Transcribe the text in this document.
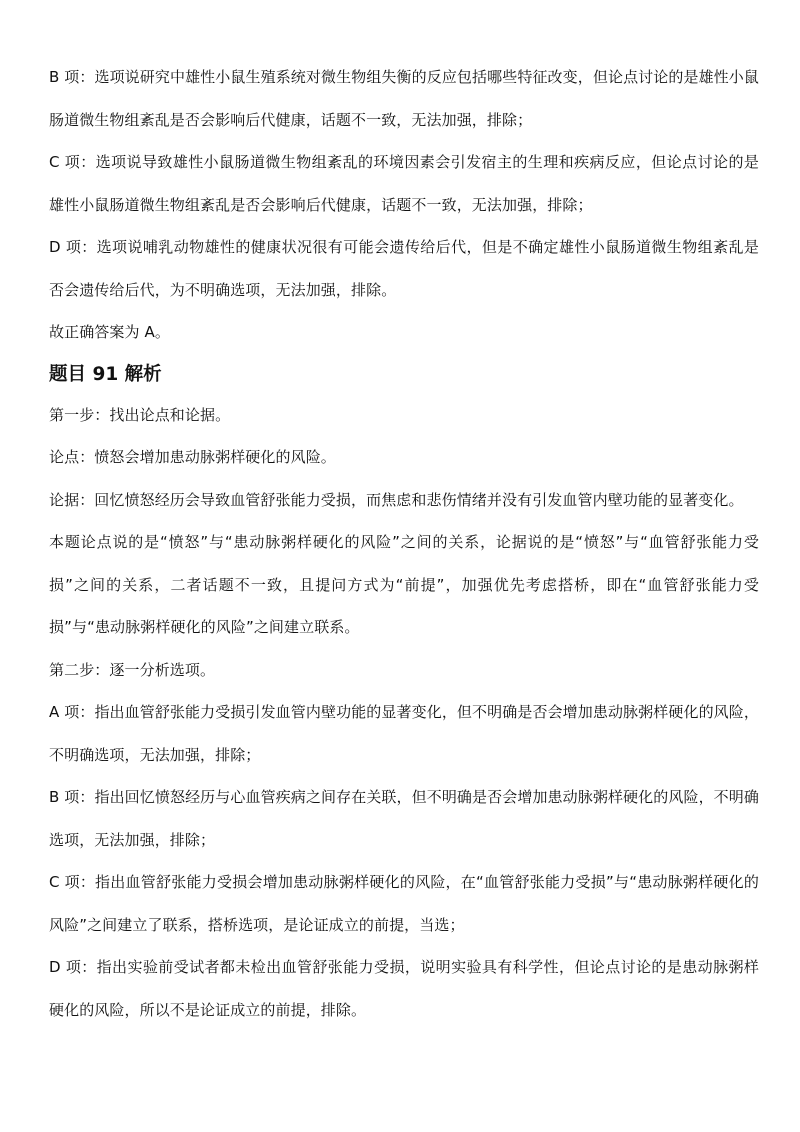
B 项：选项说研究中雄性小鼠生殖系统对微生物组失衡的反应包括哪些特征改变，但论点讨论的是雄性小鼠肠道微生物组紊乱是否会影响后代健康，话题不一致，无法加强，排除；

C 项：选项说导致雄性小鼠肠道微生物组紊乱的环境因素会引发宿主的生理和疾病反应，但论点讨论的是雄性小鼠肠道微生物组紊乱是否会影响后代健康，话题不一致，无法加强，排除；

D 项：选项说哺乳动物雄性的健康状况很有可能会遗传给后代，但是不确定雄性小鼠肠道微生物组紊乱是否会遗传给后代，为不明确选项，无法加强，排除。

故正确答案为 A。

题目 91 解析

第一步：找出论点和论据。

论点：愤怒会增加患动脉粥样硬化的风险。

论据：回忆愤怒经历会导致血管舒张能力受损，而焦虑和悲伤情绪并没有引发血管内壁功能的显著变化。

本题论点说的是“愤怒”与“患动脉粥样硬化的风险”之间的关系，论据说的是“愤怒”与“血管舒张能力受损”之间的关系，二者话题不一致，且提问方式为“前提”，加强优先考虑搭桥，即在“血管舒张能力受损”与“患动脉粥样硬化的风险”之间建立联系。

第二步：逐一分析选项。

A 项：指出血管舒张能力受损引发血管内壁功能的显著变化，但不明确是否会增加患动脉粥样硬化的风险，不明确选项，无法加强，排除；

B 项：指出回忆愤怒经历与心血管疾病之间存在关联，但不明确是否会增加患动脉粥样硬化的风险，不明确选项，无法加强，排除；

C 项：指出血管舒张能力受损会增加患动脉粥样硬化的风险，在“血管舒张能力受损”与“患动脉粥样硬化的风险”之间建立了联系，搭桥选项，是论证成立的前提，当选；

D 项：指出实验前受试者都未检出血管舒张能力受损，说明实验具有科学性，但论点讨论的是患动脉粥样硬化的风险，所以不是论证成立的前提，排除。
